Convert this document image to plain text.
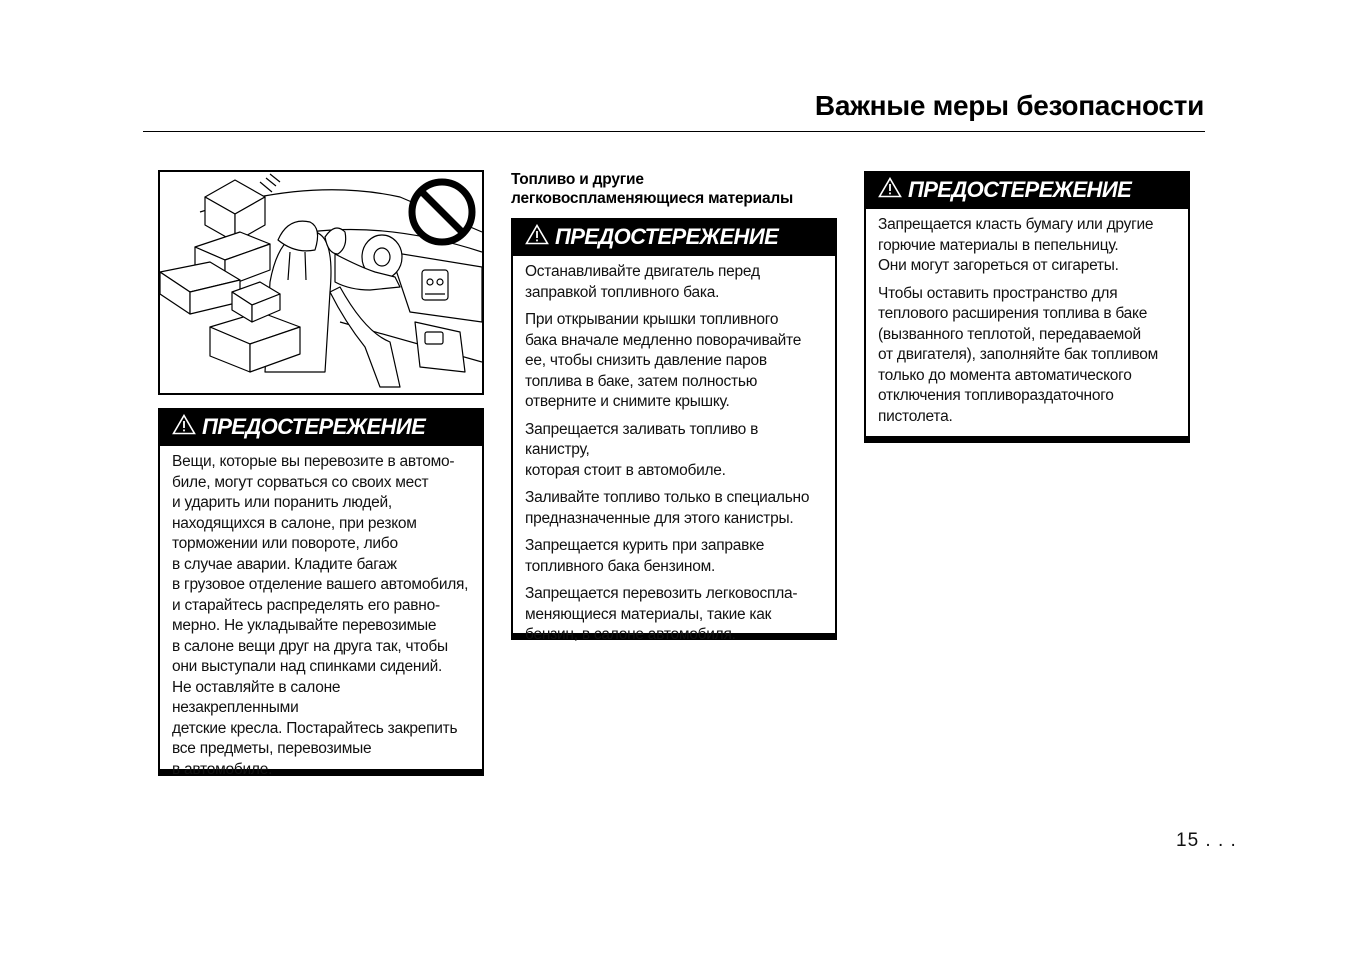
Важные меры безопасности
ПРЕДОСТЕРЕЖЕНИЕ

Вещи, которые вы перевозите в автомо-
биле, могут сорваться со своих мест
и ударить или поранить людей,
находящихся в салоне, при резком
торможении или повороте, либо
в случае аварии. Кладите багаж
в грузовое отделение вашего автомобиля,
и старайтесь распределять его равно-
мерно. Не укладывайте перевозимые
в салоне вещи друг на друга так, чтобы
они выступали над спинками сидений.
Не оставляйте в салоне незакрепленными
детские кресла. Постарайтесь закрепить
все предметы, перевозимые
в автомобиле.

Топливо и другие
легковоспламеняющиеся материалы
ПРЕДОСТЕРЕЖЕНИЕ

Останавливайте двигатель перед
заправкой топливного бака.

При открывании крышки топливного
бака вначале медленно поворачивайте
ее, чтобы снизить давление паров
топлива в баке, затем полностью
отверните и снимите крышку.

Запрещается заливать топливо в канистру,
которая стоит в автомобиле.

Заливайте топливо только в специально
предназначенные для этого канистры.

Запрещается курить при заправке
топливного бака бензином.

Запрещается перевозить легковоспла-
меняющиеся материалы, такие как
бензин, в салоне автомобиля.

ПРЕДОСТЕРЕЖЕНИЕ

Запрещается класть бумагу или другие
горючие материалы в пепельницу.
Они могут загореться от сигареты.

Чтобы оставить пространство для
теплового расширения топлива в баке
(вызванного теплотой, передаваемой
от двигателя), заполняйте бак топливом
только до момента автоматического
отключения топливораздаточного
пистолета.

15 . . .
